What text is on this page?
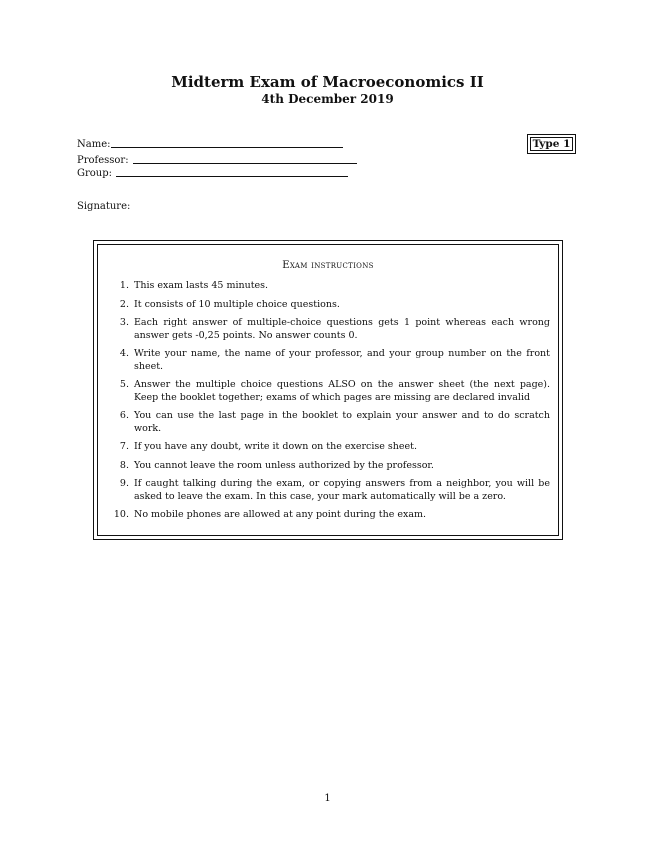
Midterm Exam of Macroeconomics II
4th December 2019
Name:
Professor:
Group:
Type 1
Signature:
Exam instructions
1. This exam lasts 45 minutes.
2. It consists of 10 multiple choice questions.
3. Each right answer of multiple-choice questions gets 1 point whereas each wrong answer gets -0,25 points. No answer counts 0.
4. Write your name, the name of your professor, and your group number on the front sheet.
5. Answer the multiple choice questions ALSO on the answer sheet (the next page). Keep the booklet together; exams of which pages are missing are declared invalid
6. You can use the last page in the booklet to explain your answer and to do scratch work.
7. If you have any doubt, write it down on the exercise sheet.
8. You cannot leave the room unless authorized by the professor.
9. If caught talking during the exam, or copying answers from a neighbor, you will be asked to leave the exam. In this case, your mark automatically will be a zero.
10. No mobile phones are allowed at any point during the exam.
1
